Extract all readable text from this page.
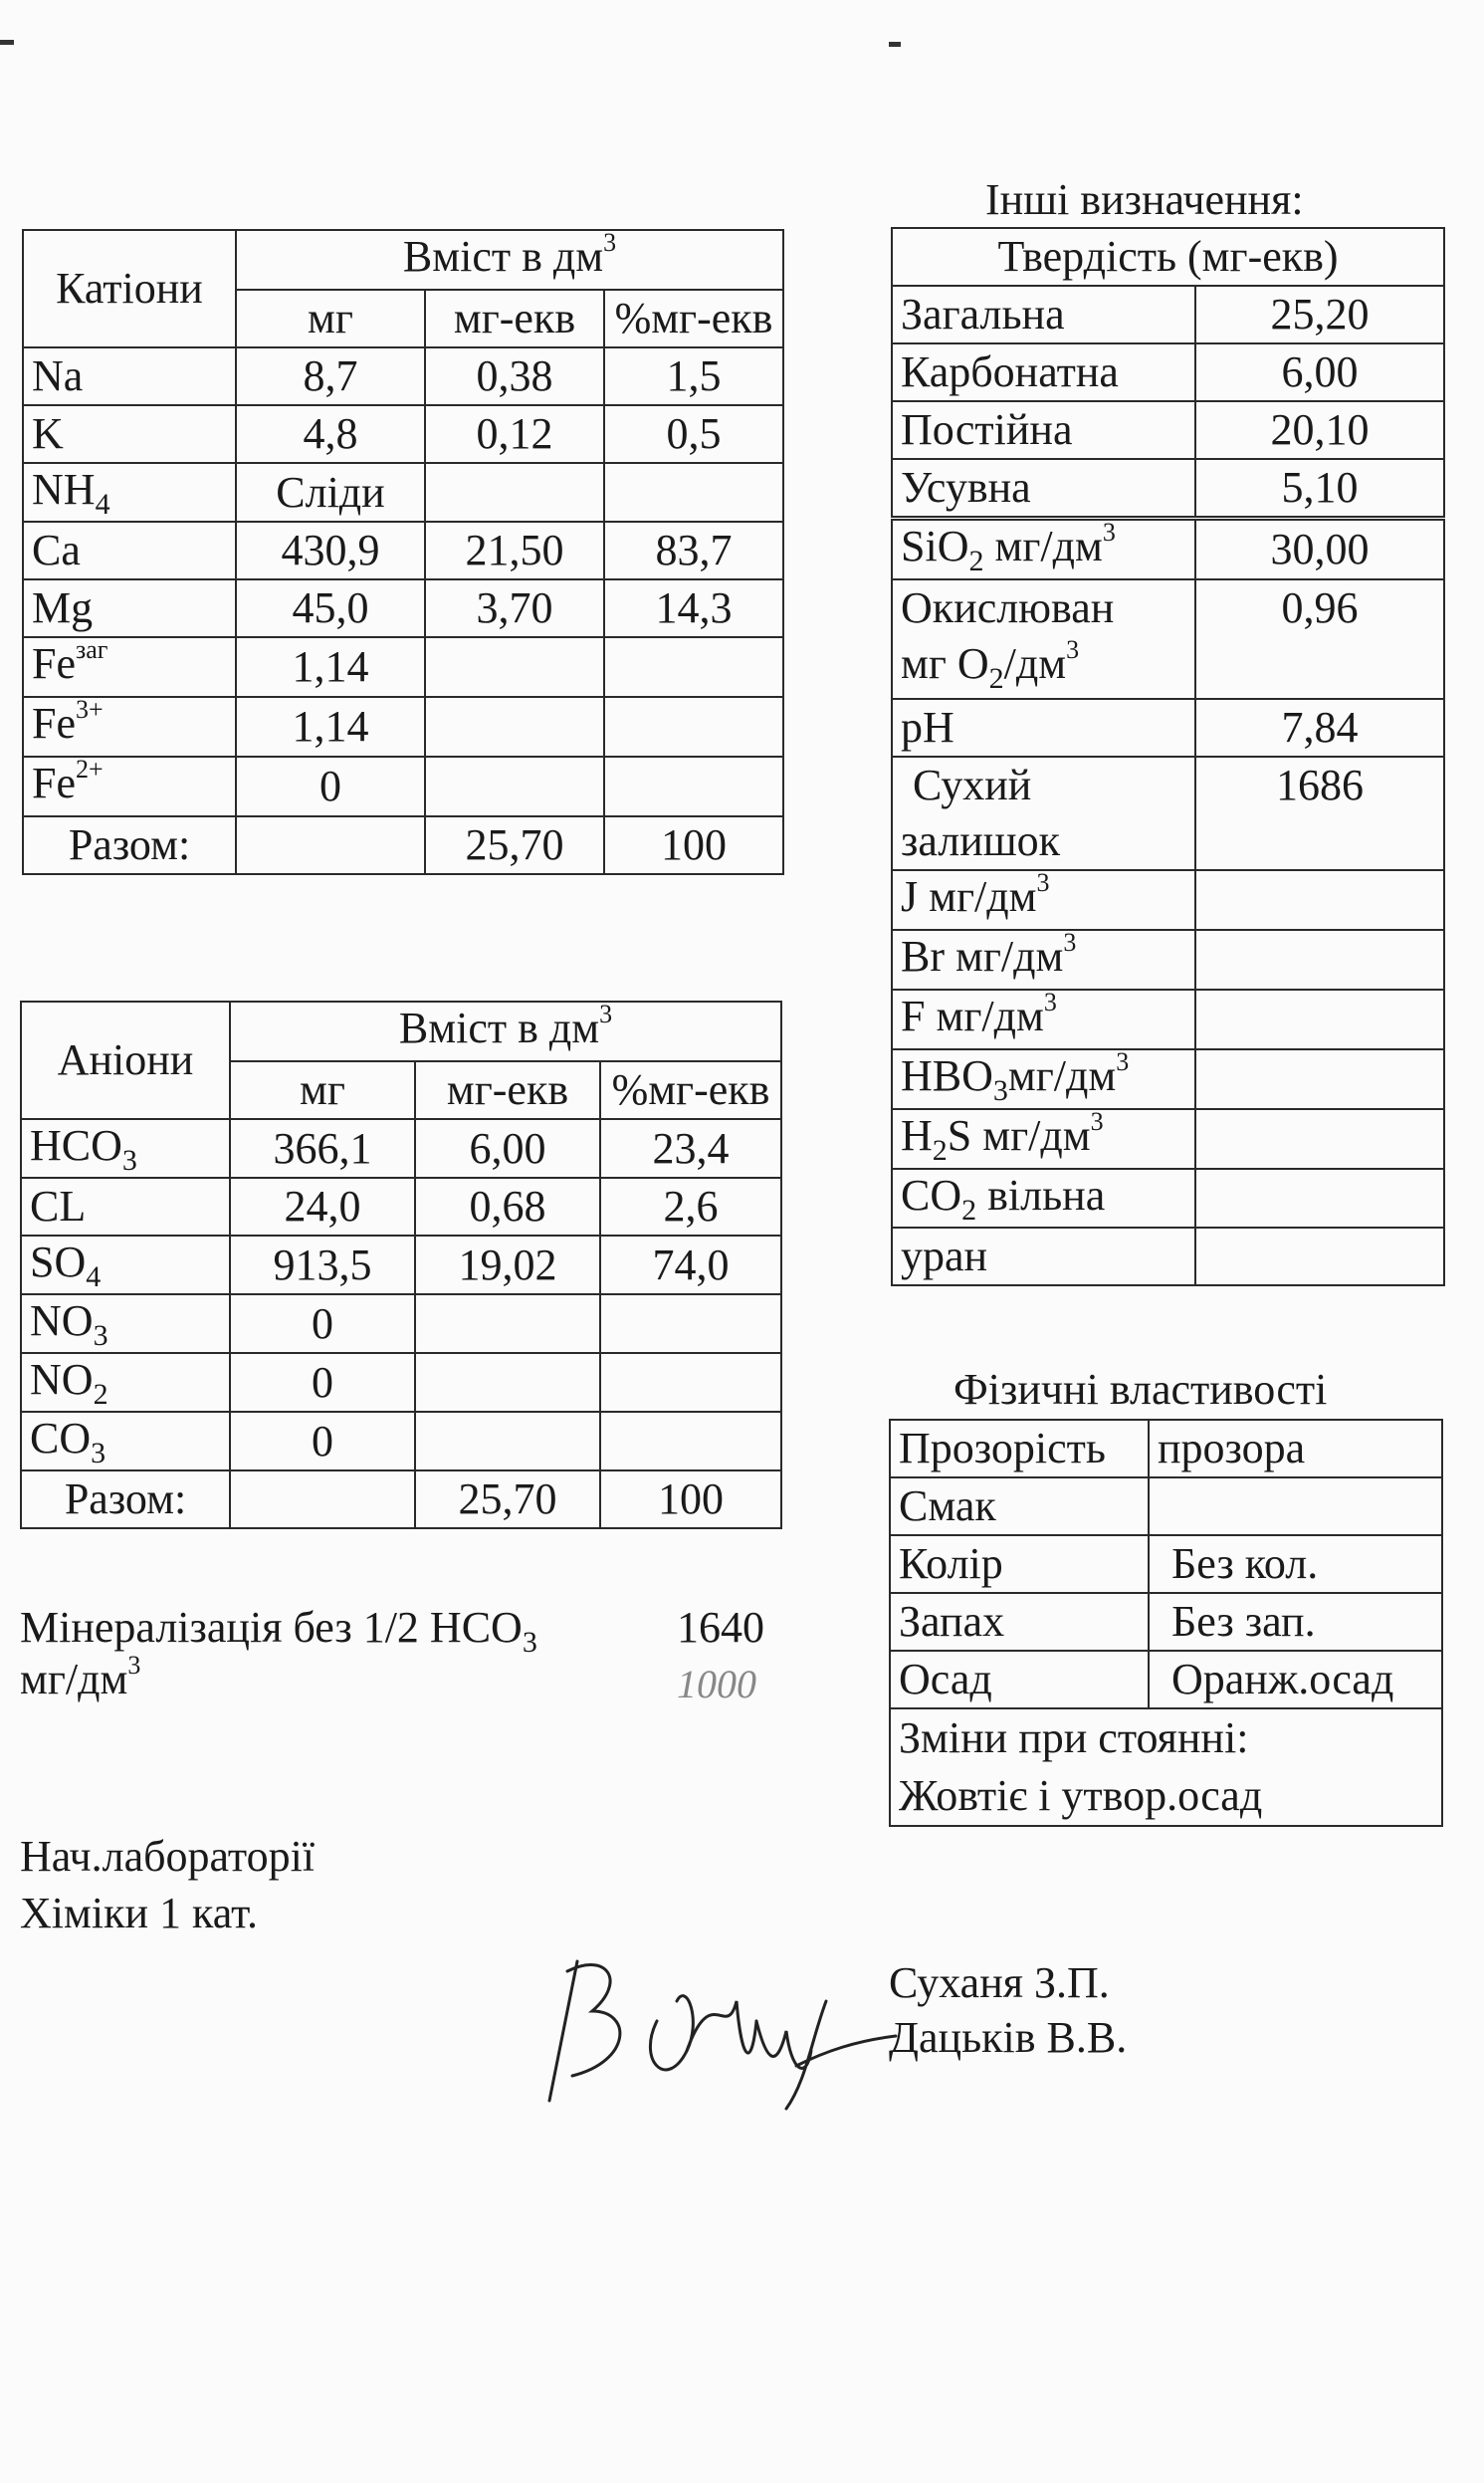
Катіони	Вміст в $дм^3$
	мг	мг-екв	%мг-екв
Na	8,7	0,38	1,5
K	4,8	0,12	0,5
$NH_4$	Сліди		
Ca	430,9	21,50	83,7
Mg	45,0	3,70	14,3
$Fe^{заг}$	1,14		
$Fe^{3+}$	1,14		
$Fe^{2+}$	0		
Разом:		25,70	100
Аніони	Вміст в $дм^3$
	мг	мг-екв	%мг-екв
$HCO_3$	366,1	6,00	23,4
CL	24,0	0,68	2,6
$SO_4$	913,5	19,02	74,0
$NO_3$	0		
$NO_2$	0		
$CO_3$	0		
Разом:		25,70	100
Інші визначення:
Твердість (мг-екв)	
Загальна	25,20
Карбонатна	6,00
Постійна	20,10
Усувна	5,10
SiO$_2$ $мг/дм^3$	30,00
Окислюван
мг $O_2/дм^3$	0,96
pH	7,84
Сухий
залишок	1686
J $мг/дм^3$	
Br $мг/дм^3$	
F $мг/дм^3$	
$HBO_3мг/дм^3$	
$H_2S$ $мг/дм^3$	
$CO_2$ вільна	
уран	
Фізичні властивості
Прозорість	прозора
Смак	
Колір	Без кол.
Запах	Без зап.
Осад	Оранж.осад
Зміни при стоянні:
Жовтіє і утвор.осад	
Мінералізація без 1/2 $HCO_3$	1640
$мг/дм^3$	1000
Нач.лабораторії
Хіміки 1 кат.
Суханя З.П.
Дацьків В.В.
